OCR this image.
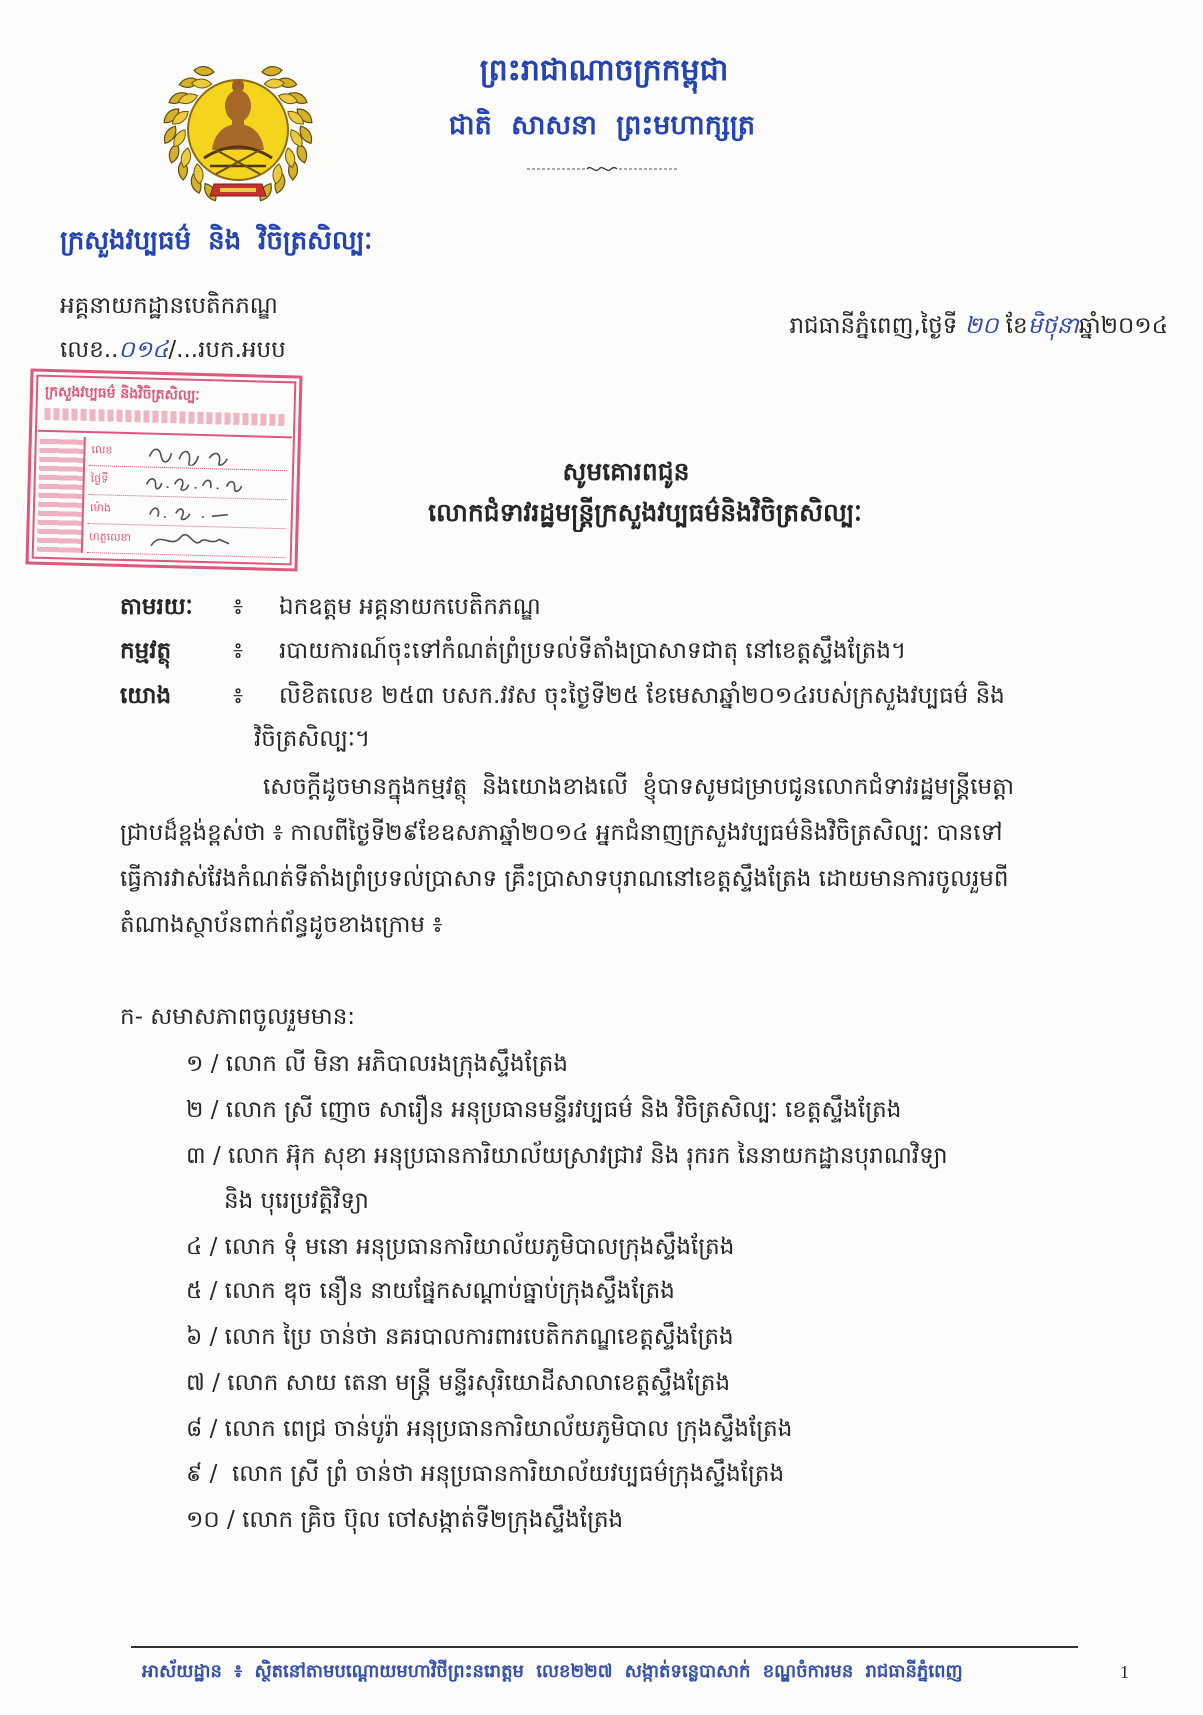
ព្រះរាជាណាចក្រកម្ពុជា
ជាតិ សាសនា ព្រះមហាក្សត្រ
ក្រសួងវប្បធម៌ និង វិចិត្រសិល្បៈ
អគ្គនាយកដ្ឋានបេតិកភណ្ឌ
លេខ..០១៤/...របក.អបប
រាជធានីភ្នំពេញ,ថ្ងៃទី ២០ ខែមិថុនាឆ្នាំ២០១៤
ក្រសួងវប្បធម៌ និងវិចិត្រសិល្បៈ
លេខ
ថ្ងៃទី
ម៉ោង
ហត្ថលេខា
សូមគោរពជូន
លោកជំទាវរដ្ឋមន្ត្រីក្រសួងវប្បធម៌និងវិចិត្រសិល្បៈ
តាមរយៈ	៖	ឯកឧត្តម អគ្គនាយកបេតិកភណ្ឌ
កម្មវត្ថុ	៖	របាយការណ៍ចុះទៅកំណត់ព្រំប្រទល់ទីតាំងប្រាសាទជាតុ នៅខេត្តស្ទឹងត្រែង។
យោង	៖	លិខិតលេខ ២៥៣ បសក.វវស ចុះថ្ងៃទី២៥ ខែមេសាឆ្នាំ២០១៤របស់ក្រសួងវប្បធម៌ និង
វិចិត្រសិល្បៈ។
សេចក្តីដូចមានក្នុងកម្មវត្ថុ  និងយោងខាងលើ  ខ្ញុំបាទសូមជម្រាបជូនលោកជំទាវរដ្ឋមន្ត្រីមេត្តា
ជ្រាបដ៏ខ្ពង់ខ្ពស់ថា ៖ កាលពីថ្ងៃទី២៩ខែឧសភាឆ្នាំ២០១៤ អ្នកជំនាញក្រសួងវប្បធម៌និងវិចិត្រសិល្បៈ បានទៅ
ធ្វើការវាស់វែងកំណត់ទីតាំងព្រំប្រទល់ប្រាសាទ គ្រឹះប្រាសាទបុរាណនៅខេត្តស្ទឹងត្រែង ដោយមានការចូលរួមពី
តំណាងស្ថាប័នពាក់ព័ន្ធដូចខាងក្រោម ៖
ក- សមាសភាពចូលរួមមាន:
១ / លោក លី មិនា អភិបាលរងក្រុងស្ទឹងត្រែង
២ / លោក ស្រី ញោច សារឿន អនុប្រធានមន្ទីរវប្បធម៌ និង វិចិត្រសិល្បៈ ខេត្តស្ទឹងត្រែង
៣ / លោក អ៊ុក សុខា អនុប្រធានការិយាល័យស្រាវជ្រាវ និង រុករក នៃនាយកដ្ឋានបុរាណវិទ្យា
និង បុរេប្រវត្តិវិទ្យា
៤ / លោក ទុំ មនោ អនុប្រធានការិយាល័យភូមិបាលក្រុងស្ទឹងត្រែង
៥ / លោក ឌុច នឿន នាយផ្នែកសណ្តាប់ធ្នាប់ក្រុងស្ទឹងត្រែង
៦ / លោក ប្រៃ ចាន់ថា នគរបាលការពារបេតិកភណ្ឌខេត្តស្ទឹងត្រែង
៧ / លោក សាយ តេនា មន្ត្រី មន្ទីរសុរិយោដីសាលាខេត្តស្ទឹងត្រែង
៨ / លោក ពេជ្រ ចាន់បូរ៉ា អនុប្រធានការិយាល័យភូមិបាល ក្រុងស្ទឹងត្រែង
៩ /  លោក ស្រី ព្រំ ចាន់ថា អនុប្រធានការិយាល័យវប្បធម៌ក្រុងស្ទឹងត្រែង
១០ / លោក គ្រិច ប៊ុល ចៅសង្កាត់ទី២ក្រុងស្ទឹងត្រែង
អាស័យដ្ឋាន ៖ ស្ថិតនៅតាមបណ្តោយមហាវិថីព្រះនរោត្តម លេខ២២៧ សង្កាត់ទន្លេបាសាក់ ខណ្ឌចំការមន រាជធានីភ្នំពេញ	1
